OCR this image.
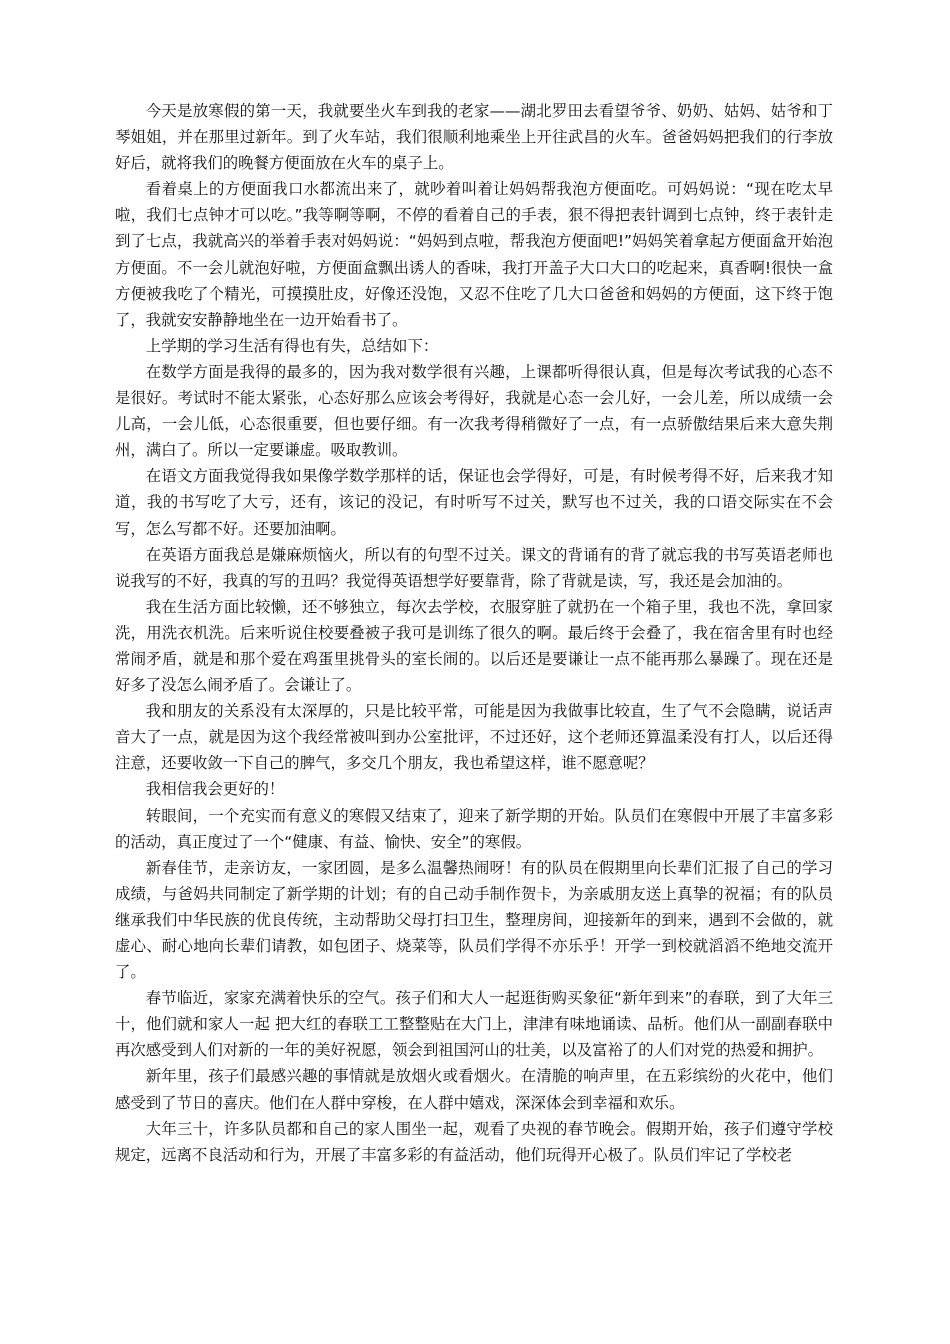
今天是放寒假的第一天，我就要坐火车到我的老家——湖北罗田去看望爷爷、奶奶、姑妈、姑爷和丁琴姐姐，并在那里过新年。到了火车站，我们很顺利地乘坐上开往武昌的火车。爸爸妈妈把我们的行李放好后，就将我们的晚餐方便面放在火车的桌子上。

看着桌上的方便面我口水都流出来了，就吵着叫着让妈妈帮我泡方便面吃。可妈妈说：“现在吃太早啦，我们七点钟才可以吃。”我等啊等啊，不停的看着自己的手表，狠不得把表针调到七点钟，终于表针走到了七点，我就高兴的举着手表对妈妈说：“妈妈到点啦，帮我泡方便面吧!”妈妈笑着拿起方便面盒开始泡方便面。不一会儿就泡好啦，方便面盒飘出诱人的香味，我打开盖子大口大口的吃起来，真香啊!很快一盒方便被我吃了个精光，可摸摸肚皮，好像还没饱，又忍不住吃了几大口爸爸和妈妈的方便面，这下终于饱了，我就安安静静地坐在一边开始看书了。

上学期的学习生活有得也有失，总结如下：

在数学方面是我得的最多的，因为我对数学很有兴趣，上课都听得很认真，但是每次考试我的心态不是很好。考试时不能太紧张，心态好那么应该会考得好，我就是心态一会儿好，一会儿差，所以成绩一会儿高，一会儿低，心态很重要，但也要仔细。有一次我考得稍微好了一点，有一点骄傲结果后来大意失荆州，满白了。所以一定要谦虚。吸取教训。

在语文方面我觉得我如果像学数学那样的话，保证也会学得好，可是，有时候考得不好，后来我才知道，我的书写吃了大亏，还有，该记的没记，有时听写不过关，默写也不过关，我的口语交际实在不会写，怎么写都不好。还要加油啊。

在英语方面我总是嫌麻烦恼火，所以有的句型不过关。课文的背诵有的背了就忘我的书写英语老师也说我写的不好，我真的写的丑吗？我觉得英语想学好要靠背，除了背就是读，写，我还是会加油的。

我在生活方面比较懒，还不够独立，每次去学校，衣服穿脏了就扔在一个箱子里，我也不洗，拿回家洗，用洗衣机洗。后来听说住校要叠被子我可是训练了很久的啊。最后终于会叠了，我在宿舍里有时也经常闹矛盾，就是和那个爱在鸡蛋里挑骨头的室长闹的。以后还是要谦让一点不能再那么暴躁了。现在还是好多了没怎么闹矛盾了。会谦让了。

我和朋友的关系没有太深厚的，只是比较平常，可能是因为我做事比较直，生了气不会隐瞒，说话声音大了一点，就是因为这个我经常被叫到办公室批评，不过还好，这个老师还算温柔没有打人，以后还得注意，还要收敛一下自己的脾气，多交几个朋友，我也希望这样，谁不愿意呢？

我相信我会更好的！

转眼间，一个充实而有意义的寒假又结束了，迎来了新学期的开始。队员们在寒假中开展了丰富多彩的活动，真正度过了一个“健康、有益、愉快、安全”的寒假。

新春佳节，走亲访友，一家团圆，是多么温馨热闹呀！有的队员在假期里向长辈们汇报了自己的学习成绩，与爸妈共同制定了新学期的计划；有的自己动手制作贺卡，为亲戚朋友送上真挚的祝福；有的队员继承我们中华民族的优良传统，主动帮助父母打扫卫生，整理房间，迎接新年的到来，遇到不会做的，就虚心、耐心地向长辈们请教，如包团子、烧菜等，队员们学得不亦乐乎！开学一到校就滔滔不绝地交流开了。

春节临近，家家充满着快乐的空气。孩子们和大人一起逛街购买象征“新年到来”的春联，到了大年三十，他们就和家人一起 把大红的春联工工整整贴在大门上，津津有味地诵读、品析。他们从一副副春联中再次感受到人们对新的一年的美好祝愿，领会到祖国河山的壮美，以及富裕了的人们对党的热爱和拥护。

新年里，孩子们最感兴趣的事情就是放烟火或看烟火。在清脆的响声里，在五彩缤纷的火花中，他们感受到了节日的喜庆。他们在人群中穿梭，在人群中嬉戏，深深体会到幸福和欢乐。

大年三十，许多队员都和自己的家人围坐一起，观看了央视的春节晚会。假期开始，孩子们遵守学校规定，远离不良活动和行为，开展了丰富多彩的有益活动，他们玩得开心极了。队员们牢记了学校老
